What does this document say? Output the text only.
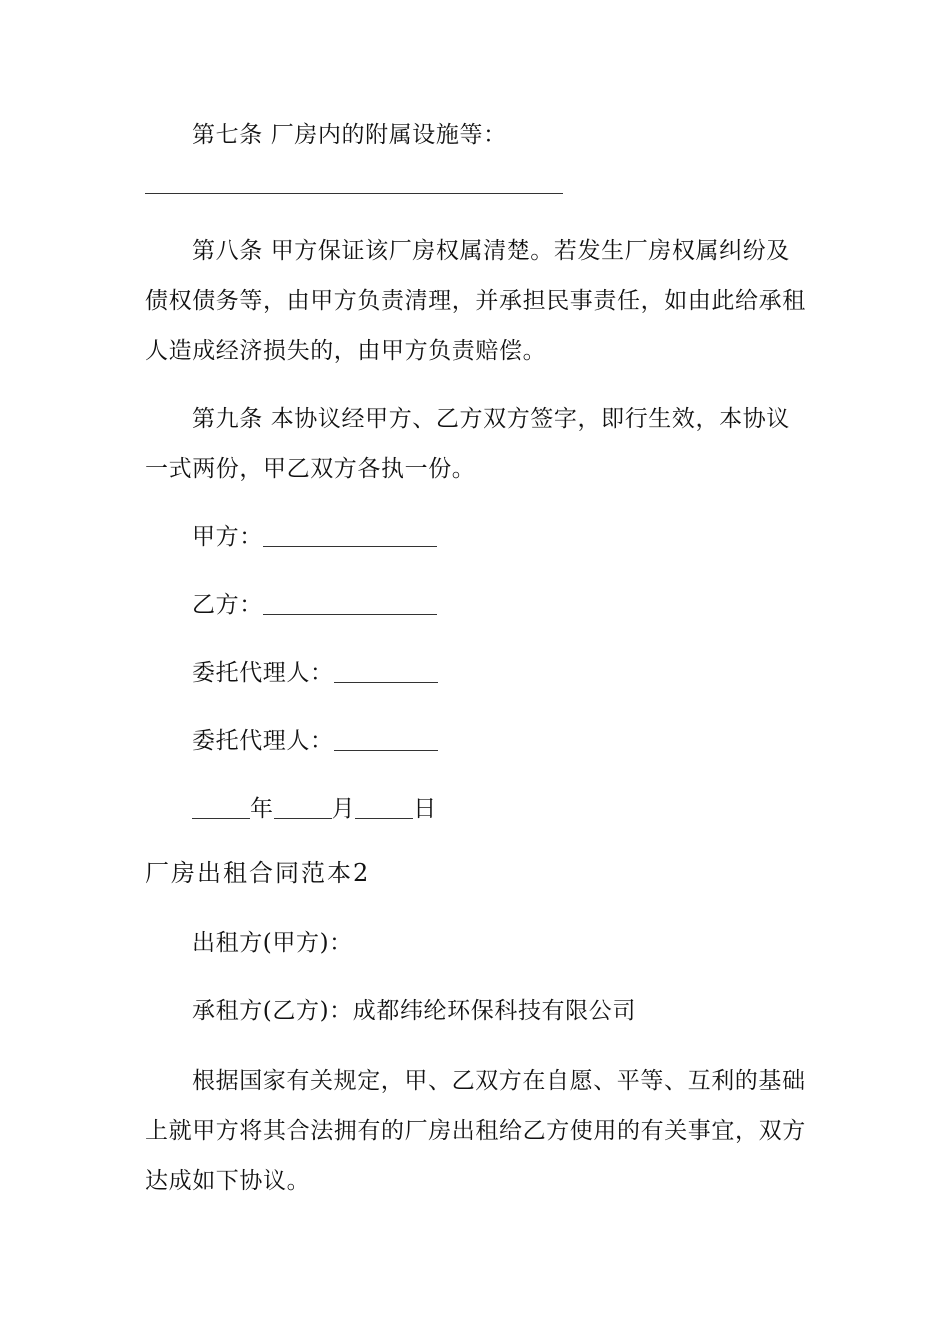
第七条 厂房内的附属设施等：

第八条 甲方保证该厂房权属清楚。若发生厂房权属纠纷及债权债务等，由甲方负责清理，并承担民事责任，如由此给承租人造成经济损失的，由甲方负责赔偿。

第九条 本协议经甲方、乙方双方签字，即行生效，本协议一式两份，甲乙双方各执一份。

甲方：
乙方：
委托代理人：
委托代理人：
年	月	日
厂房出租合同范本2
出租方(甲方)：
承租方(乙方)：成都纬纶环保科技有限公司

根据国家有关规定，甲、乙双方在自愿、平等、互利的基础上就甲方将其合法拥有的厂房出租给乙方使用的有关事宜，双方达成如下协议。
